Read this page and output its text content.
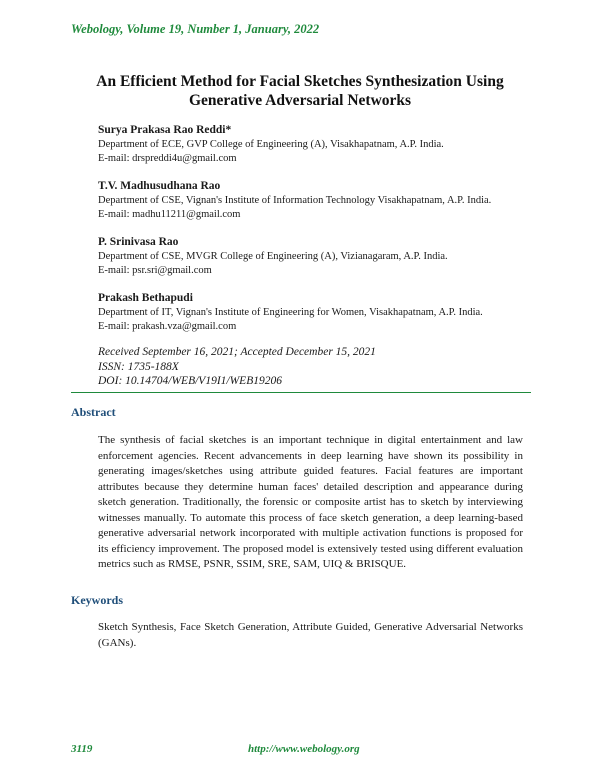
Webology, Volume 19, Number 1, January, 2022
An Efficient Method for Facial Sketches Synthesization Using
Generative Adversarial Networks
Surya Prakasa Rao Reddi*
Department of ECE, GVP College of Engineering (A), Visakhapatnam, A.P. India.
E-mail: drspreddi4u@gmail.com
T.V. Madhusudhana Rao
Department of CSE, Vignan's Institute of Information Technology Visakhapatnam, A.P. India.
E-mail: madhu11211@gmail.com
P. Srinivasa Rao
Department of CSE, MVGR College of Engineering (A), Vizianagaram, A.P. India.
E-mail: psr.sri@gmail.com
Prakash Bethapudi
Department of IT, Vignan's Institute of Engineering for Women, Visakhapatnam, A.P. India.
E-mail: prakash.vza@gmail.com
Received September 16, 2021; Accepted December 15, 2021
ISSN: 1735-188X
DOI: 10.14704/WEB/V19I1/WEB19206
Abstract
The synthesis of facial sketches is an important technique in digital entertainment and law enforcement agencies. Recent advancements in deep learning have shown its possibility in generating images/sketches using attribute guided features. Facial features are important attributes because they determine human faces' detailed description and appearance during sketch generation. Traditionally, the forensic or composite artist has to sketch by interviewing witnesses manually. To automate this process of face sketch generation, a deep learning-based generative adversarial network incorporated with multiple activation functions is proposed for its efficiency improvement. The proposed model is extensively tested using different evaluation metrics such as RMSE, PSNR, SSIM, SRE, SAM, UIQ & BRISQUE.
Keywords
Sketch Synthesis, Face Sketch Generation, Attribute Guided, Generative Adversarial Networks (GANs).
3119	http://www.webology.org
